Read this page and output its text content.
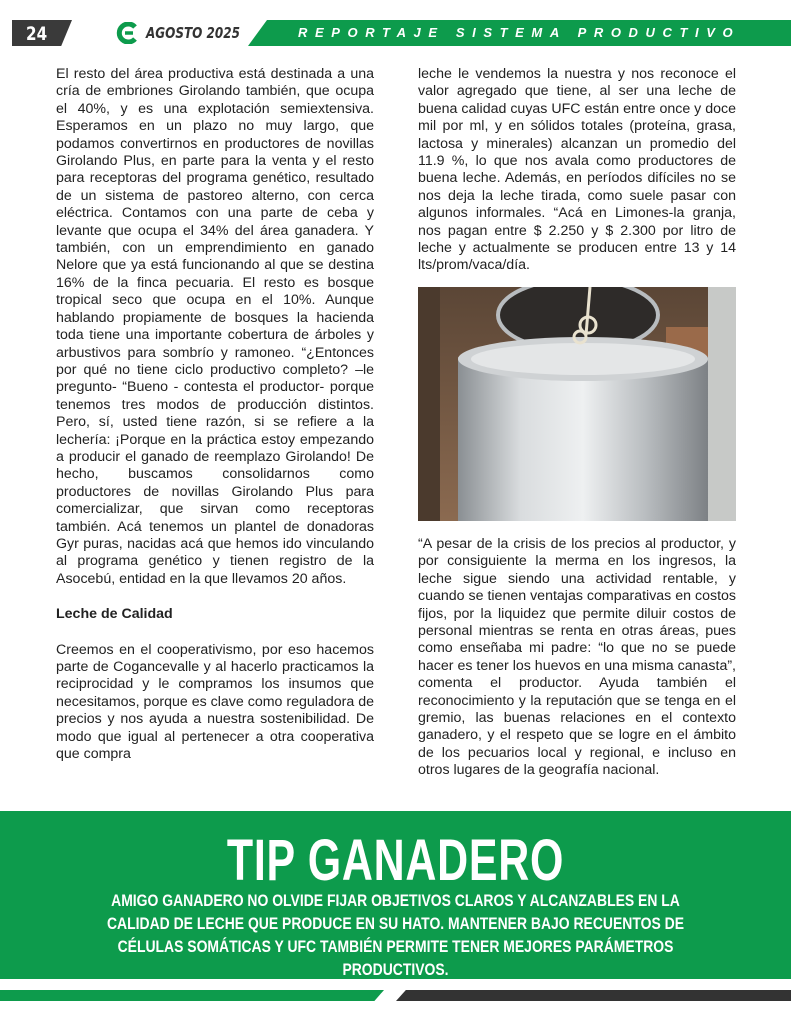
24	AGOSTO 2025	REPORTAJE SISTEMA PRODUCTIVO

El resto del área productiva está destinada a una cría de embriones Girolando también, que ocupa el 40%, y es una explotación semiextensiva. Esperamos en un plazo no muy largo, que podamos convertirnos en productores de novillas Girolando Plus, en parte para la venta y el resto para receptoras del programa genético, resultado de un sistema de pastoreo alterno, con cerca eléctrica. Contamos con una parte de ceba y levante que ocupa el 34% del área ganadera. Y también, con un emprendimiento en ganado Nelore que ya está funcionando al que se destina 16% de la finca pecuaria. El resto es bosque tropical seco que ocupa en el 10%. Aunque hablando propiamente de bosques la hacienda toda tiene una importante cobertura de árboles y arbustivos para sombrío y ramoneo. “¿Entonces por qué no tiene ciclo productivo completo? –le pregunto- “Bueno - contesta el productor- porque tenemos tres modos de producción distintos. Pero, sí, usted tiene razón, si se refiere a la lechería: ¡Porque en la práctica estoy empezando a producir el ganado de reemplazo Girolando! De hecho, buscamos consolidarnos como productores de novillas Girolando Plus para comercializar, que sirvan como receptoras también. Acá tenemos un plantel de donadoras Gyr puras, nacidas acá que hemos ido vinculando al programa genético y tienen registro de la Asocebú, entidad en la que llevamos 20 años.

Leche de Calidad

Creemos en el cooperativismo, por eso hacemos parte de Cogancevalle y al hacerlo practicamos la reciprocidad y le compramos los insumos que necesitamos, porque es clave como reguladora de precios y nos ayuda a nuestra sostenibilidad. De modo que igual al pertenecer a otra cooperativa que compra

leche le vendemos la nuestra y nos reconoce el valor agregado que tiene, al ser una leche de buena calidad cuyas UFC están entre once y doce mil por ml, y en sólidos totales (proteína, grasa, lactosa y minerales) alcanzan un promedio del 11.9 %, lo que nos avala como productores de buena leche. Además, en períodos difíciles no se nos deja la leche tirada, como suele pasar con algunos informales. “Acá en Limones-la granja, nos pagan entre $ 2.250 y $ 2.300 por litro de leche y actualmente se producen entre 13 y 14 lts/prom/vaca/día.

“A pesar de la crisis de los precios al productor, y por consiguiente la merma en los ingresos, la leche sigue siendo una actividad rentable, y cuando se tienen ventajas comparativas en costos fijos, por la liquidez que permite diluir costos de personal mientras se renta en otras áreas, pues como enseñaba mi padre: “lo que no se puede hacer es tener los huevos en una misma canasta”, comenta el productor. Ayuda también el reconocimiento y la reputación que se tenga en el gremio, las buenas relaciones en el contexto ganadero, y el respeto que se logre en el ámbito de los pecuarios local y regional, e incluso en otros lugares de la geografía nacional.

TIP GANADERO
AMIGO GANADERO NO OLVIDE FIJAR OBJETIVOS CLAROS Y ALCANZABLES EN LA CALIDAD DE LECHE QUE PRODUCE EN SU HATO. MANTENER BAJO RECUENTOS DE CÉLULAS SOMÁTICAS Y UFC TAMBIÉN PERMITE TENER MEJORES PARÁMETROS PRODUCTIVOS.
